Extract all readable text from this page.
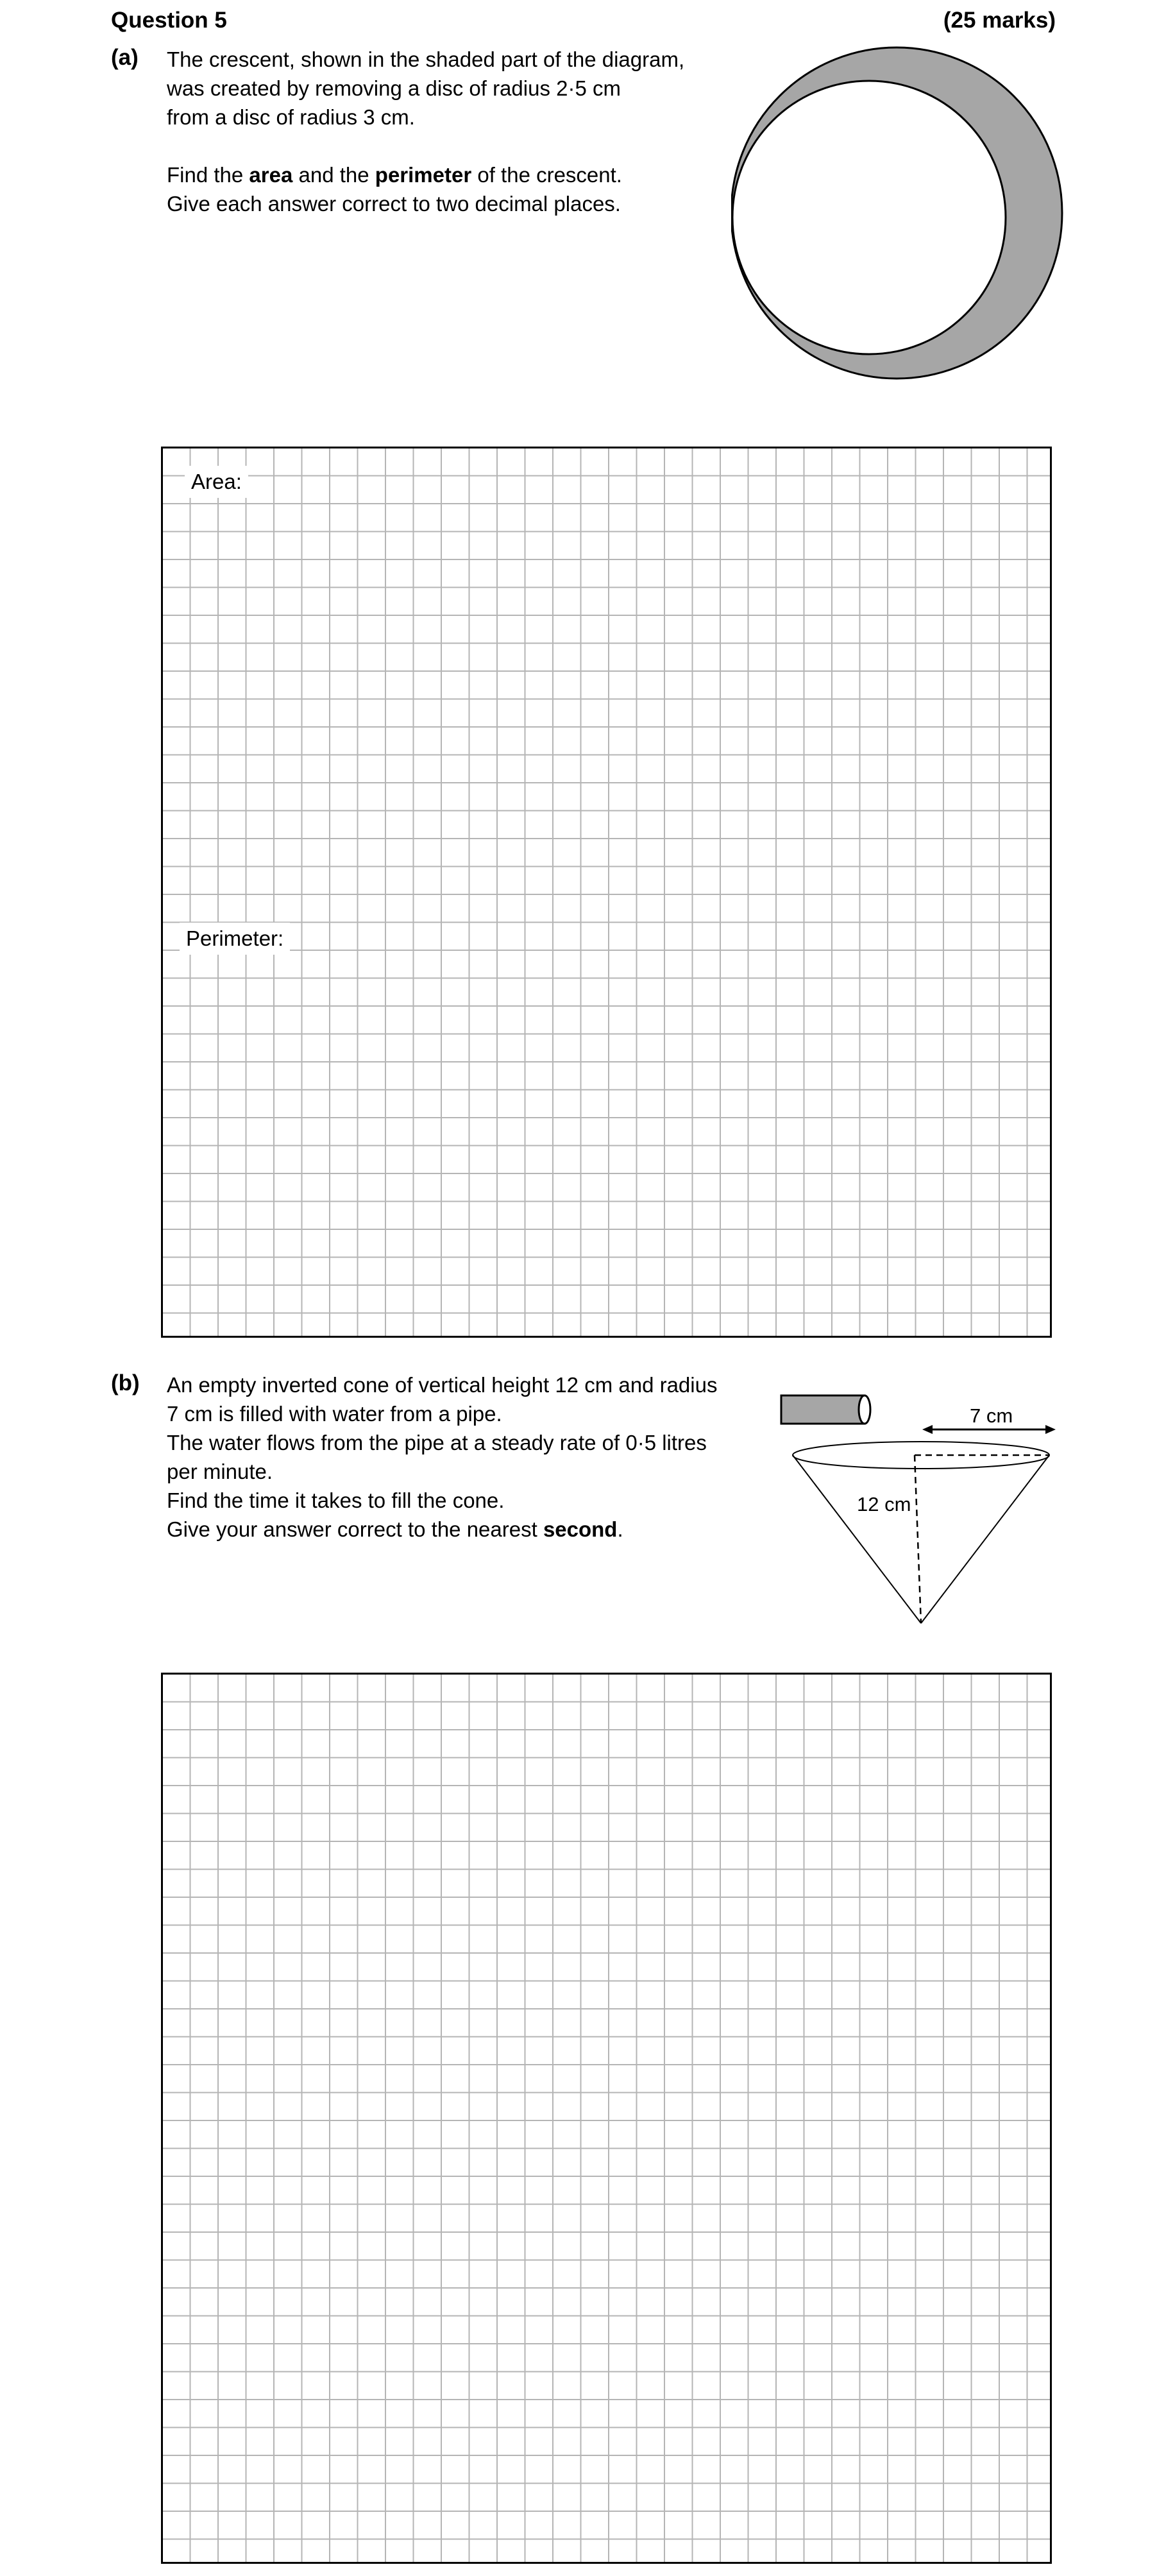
Question 5	(25 marks)
(a) The crescent, shown in the shaded part of the diagram,
was created by removing a disc of radius 2·5 cm
from a disc of radius 3 cm.
Find the area and the perimeter of the crescent.
Give each answer correct to two decimal places.
Area:
Perimeter:
(b) An empty inverted cone of vertical height 12 cm and radius
7 cm is filled with water from a pipe.
The water flows from the pipe at a steady rate of 0·5 litres
per minute.
Find the time it takes to fill the cone.
Give your answer correct to the nearest second.
7 cm
12 cm
